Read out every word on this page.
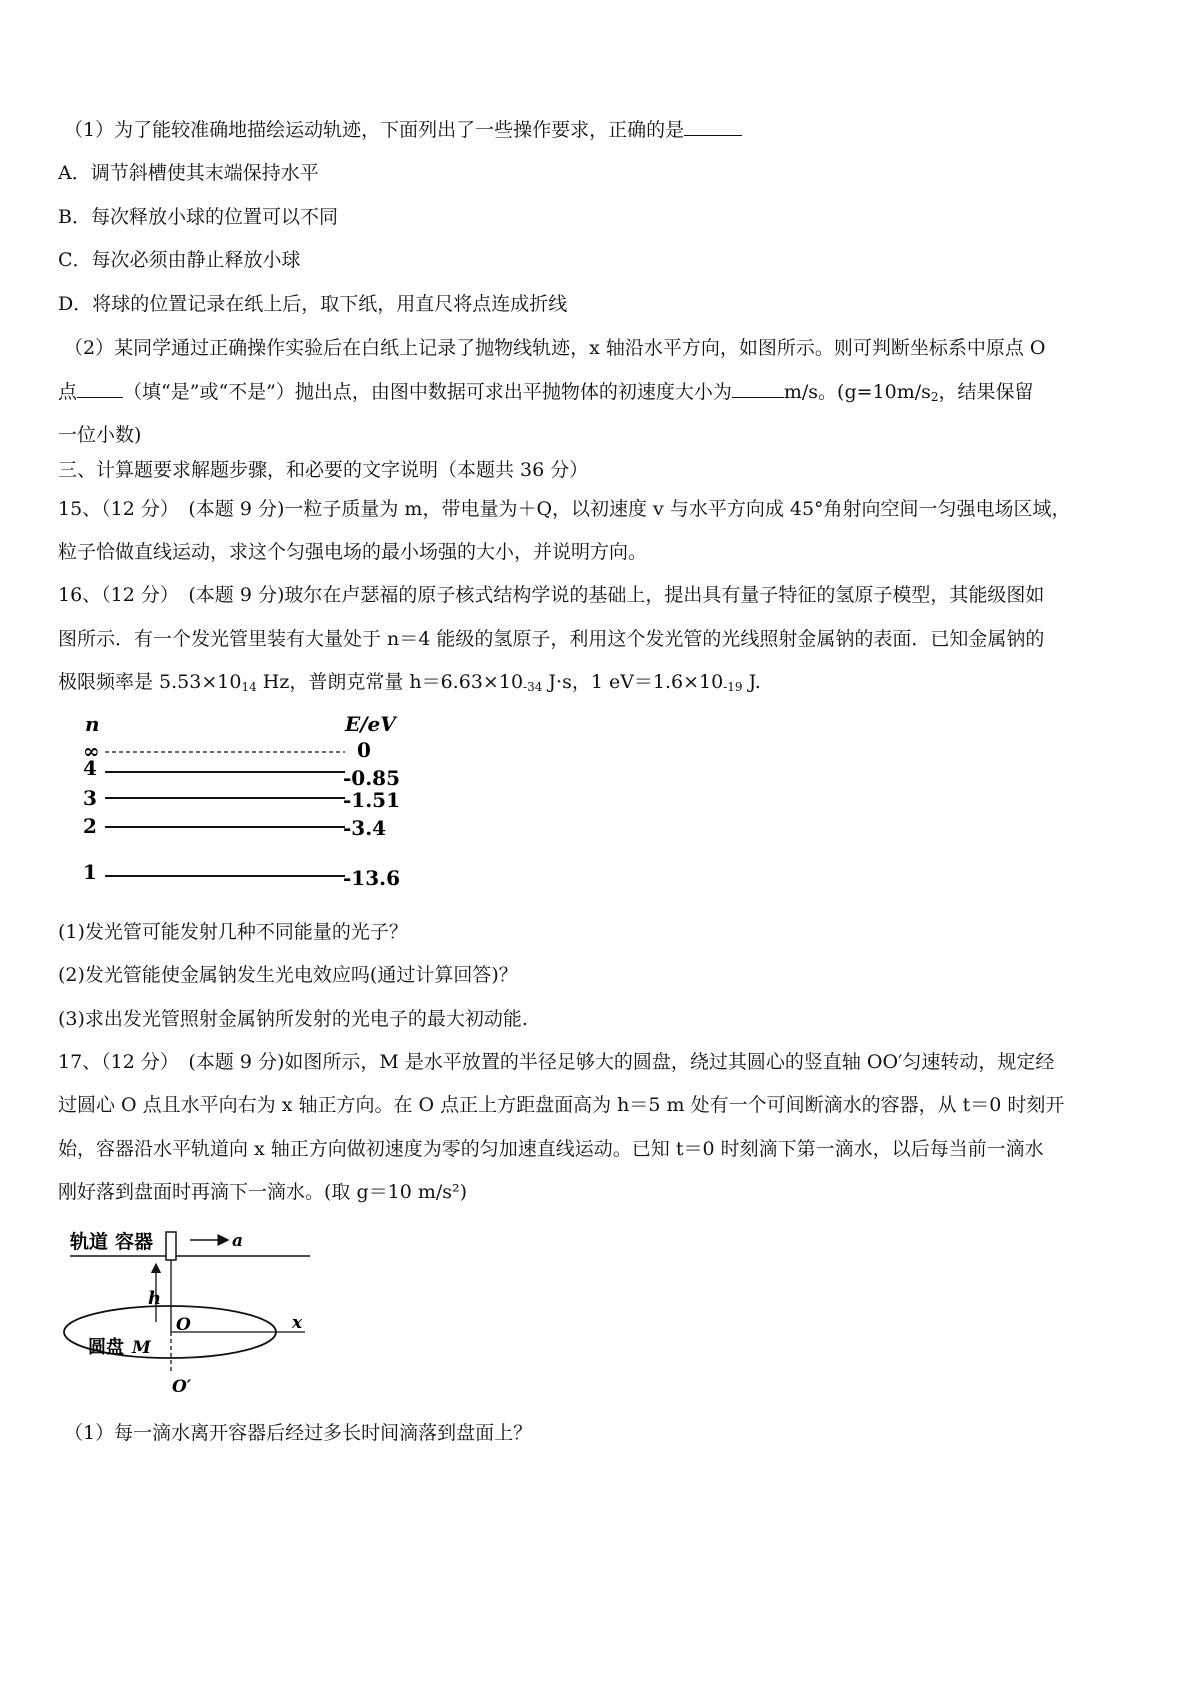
（1）为了能较准确地描绘运动轨迹，下面列出了一些操作要求，正确的是
A．调节斜槽使其末端保持水平
B．每次释放小球的位置可以不同
C．每次必须由静止释放小球
D．将球的位置记录在纸上后，取下纸，用直尺将点连成折线
（2）某同学通过正确操作实验后在白纸上记录了抛物线轨迹，x 轴沿水平方向，如图所示。则可判断坐标系中原点 O
点 （填“是”或“不是”）抛出点，由图中数据可求出平抛物体的初速度大小为	m/s。(g=10m/s2，结果保留
一位小数)
三、计算题要求解题步骤，和必要的文字说明（本题共 36 分）
15、（12 分）　(本题 9 分)一粒子质量为 m，带电量为＋Q，以初速度 v 与水平方向成 45°角射向空间一匀强电场区域，
粒子恰做直线运动，求这个匀强电场的最小场强的大小，并说明方向。
16、（12 分）　(本题 9 分)玻尔在卢瑟福的原子核式结构学说的基础上，提出具有量子特征的氢原子模型，其能级图如
图所示．有一个发光管里装有大量处于 n＝4 能级的氢原子，利用这个发光管的光线照射金属钠的表面．已知金属钠的
极限频率是 5.53×1014 Hz，普朗克常量 h＝6.63×10-34 J·s，1 eV＝1.6×10-19 J.
n	E/eV
∞	0
4	-0.85
3	-1.51
2	-3.4
1	-13.6
(1)发光管可能发射几种不同能量的光子？
(2)发光管能使金属钠发生光电效应吗(通过计算回答)？
(3)求出发光管照射金属钠所发射的光电子的最大初动能.
17、（12 分）　(本题 9 分)如图所示，M 是水平放置的半径足够大的圆盘，绕过其圆心的竖直轴 OO′匀速转动，规定经
过圆心 O 点且水平向右为 x 轴正方向。在 O 点正上方距盘面高为 h＝5 m 处有一个可间断滴水的容器，从 t＝0 时刻开
始，容器沿水平轨道向 x 轴正方向做初速度为零的匀加速直线运动。已知 t＝0 时刻滴下第一滴水，以后每当前一滴水
刚好落到盘面时再滴下一滴水。(取 g＝10 m/s²)
轨道 容器	a
h
O	x
圆盘 M
O′
（1）每一滴水离开容器后经过多长时间滴落到盘面上？
